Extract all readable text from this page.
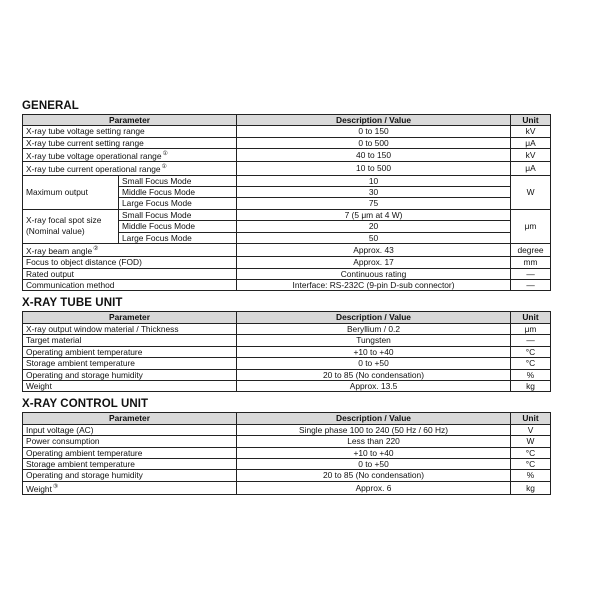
GENERAL
Parameter		Description / Value	Unit
X-ray tube voltage setting range		0 to 150	kV
X-ray tube current setting range		0 to 500	μA
X-ray tube voltage operational range①		40 to 150	kV
X-ray tube current operational range①		10 to 500	μA
Maximum output	Small Focus Mode	10	W
	Middle Focus Mode	30	
	Large Focus Mode	75	
X-ray focal spot size
(Nominal value)	Small Focus Mode	7 (5 μm at 4 W)	μm
	Middle Focus Mode	20	
	Large Focus Mode	50	
X-ray beam angle②		Approx. 43	degree
Focus to object distance (FOD)		Approx. 17	mm
Rated output		Continuous rating	—
Communication method		Interface: RS-232C (9-pin D-sub connector)	—
X-RAY TUBE UNIT
Parameter	Description / Value	Unit
X-ray output window material / Thickness	Beryllium / 0.2	μm
Target material	Tungsten	—
Operating ambient temperature	+10 to +40	°C
Storage ambient temperature	0 to +50	°C
Operating and storage humidity	20 to 85 (No condensation)	%
Weight	Approx. 13.5	kg
X-RAY CONTROL UNIT
Parameter	Description / Value	Unit
Input voltage (AC)	Single phase 100 to 240 (50 Hz / 60 Hz)	V
Power consumption	Less than 220	W
Operating ambient temperature	+10 to +40	°C
Storage ambient temperature	0 to +50	°C
Operating and storage humidity	20 to 85 (No condensation)	%
Weight③	Approx. 6	kg
